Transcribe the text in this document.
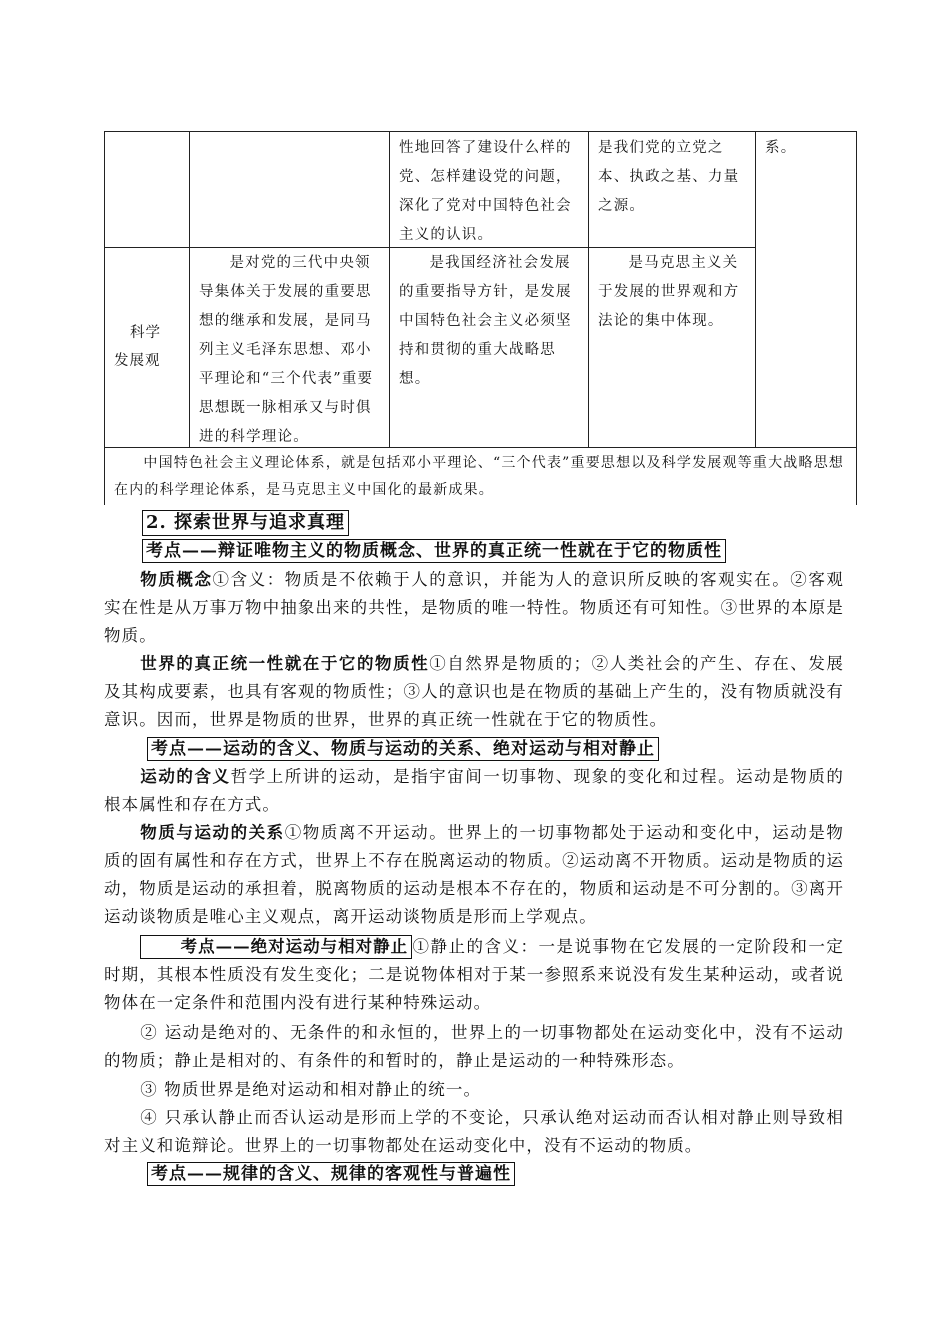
性地回答了建设什么样的党、怎样建设党的问题，深化了党对中国特色社会主义的认识。
是我们党的立党之本、执政之基、力量之源。
系。
科学
发展观
是对党的三代中央领导集体关于发展的重要思想的继承和发展，是同马列主义毛泽东思想、邓小平理论和“三个代表”重要思想既一脉相承又与时俱进的科学理论。
是我国经济社会发展的重要指导方针，是发展中国特色社会主义必须坚持和贯彻的重大战略思想。
是马克思主义关于发展的世界观和方法论的集中体现。
中国特色社会主义理论体系，就是包括邓小平理论、“三个代表”重要思想以及科学发展观等重大战略思想在内的科学理论体系，是马克思主义中国化的最新成果。
2. 探索世界与追求真理
考点——辩证唯物主义的物质概念、世界的真正统一性就在于它的物质性
物质概念①含义：物质是不依赖于人的意识，并能为人的意识所反映的客观实在。②客观实在性是从万事万物中抽象出来的共性，是物质的唯一特性。物质还有可知性。③世界的本原是物质。
世界的真正统一性就在于它的物质性①自然界是物质的；②人类社会的产生、存在、发展及其构成要素，也具有客观的物质性；③人的意识也是在物质的基础上产生的，没有物质就没有意识。因而，世界是物质的世界，世界的真正统一性就在于它的物质性。
考点——运动的含义、物质与运动的关系、绝对运动与相对静止
运动的含义哲学上所讲的运动，是指宇宙间一切事物、现象的变化和过程。运动是物质的根本属性和存在方式。
物质与运动的关系①物质离不开运动。世界上的一切事物都处于运动和变化中，运动是物质的固有属性和存在方式，世界上不存在脱离运动的物质。②运动离不开物质。运动是物质的运动，物质是运动的承担着，脱离物质的运动是根本不存在的，物质和运动是不可分割的。③离开运动谈物质是唯心主义观点，离开运动谈物质是形而上学观点。
考点——绝对运动与相对静止 ①静止的含义：一是说事物在它发展的一定阶段和一定时期，其根本性质没有发生变化；二是说物体相对于某一参照系来说没有发生某种运动，或者说物体在一定条件和范围内没有进行某种特殊运动。
② 运动是绝对的、无条件的和永恒的，世界上的一切事物都处在运动变化中，没有不运动的物质；静止是相对的、有条件的和暂时的，静止是运动的一种特殊形态。
③ 物质世界是绝对运动和相对静止的统一。
④ 只承认静止而否认运动是形而上学的不变论，只承认绝对运动而否认相对静止则导致相对主义和诡辩论。世界上的一切事物都处在运动变化中，没有不运动的物质。
考点——规律的含义、规律的客观性与普遍性
